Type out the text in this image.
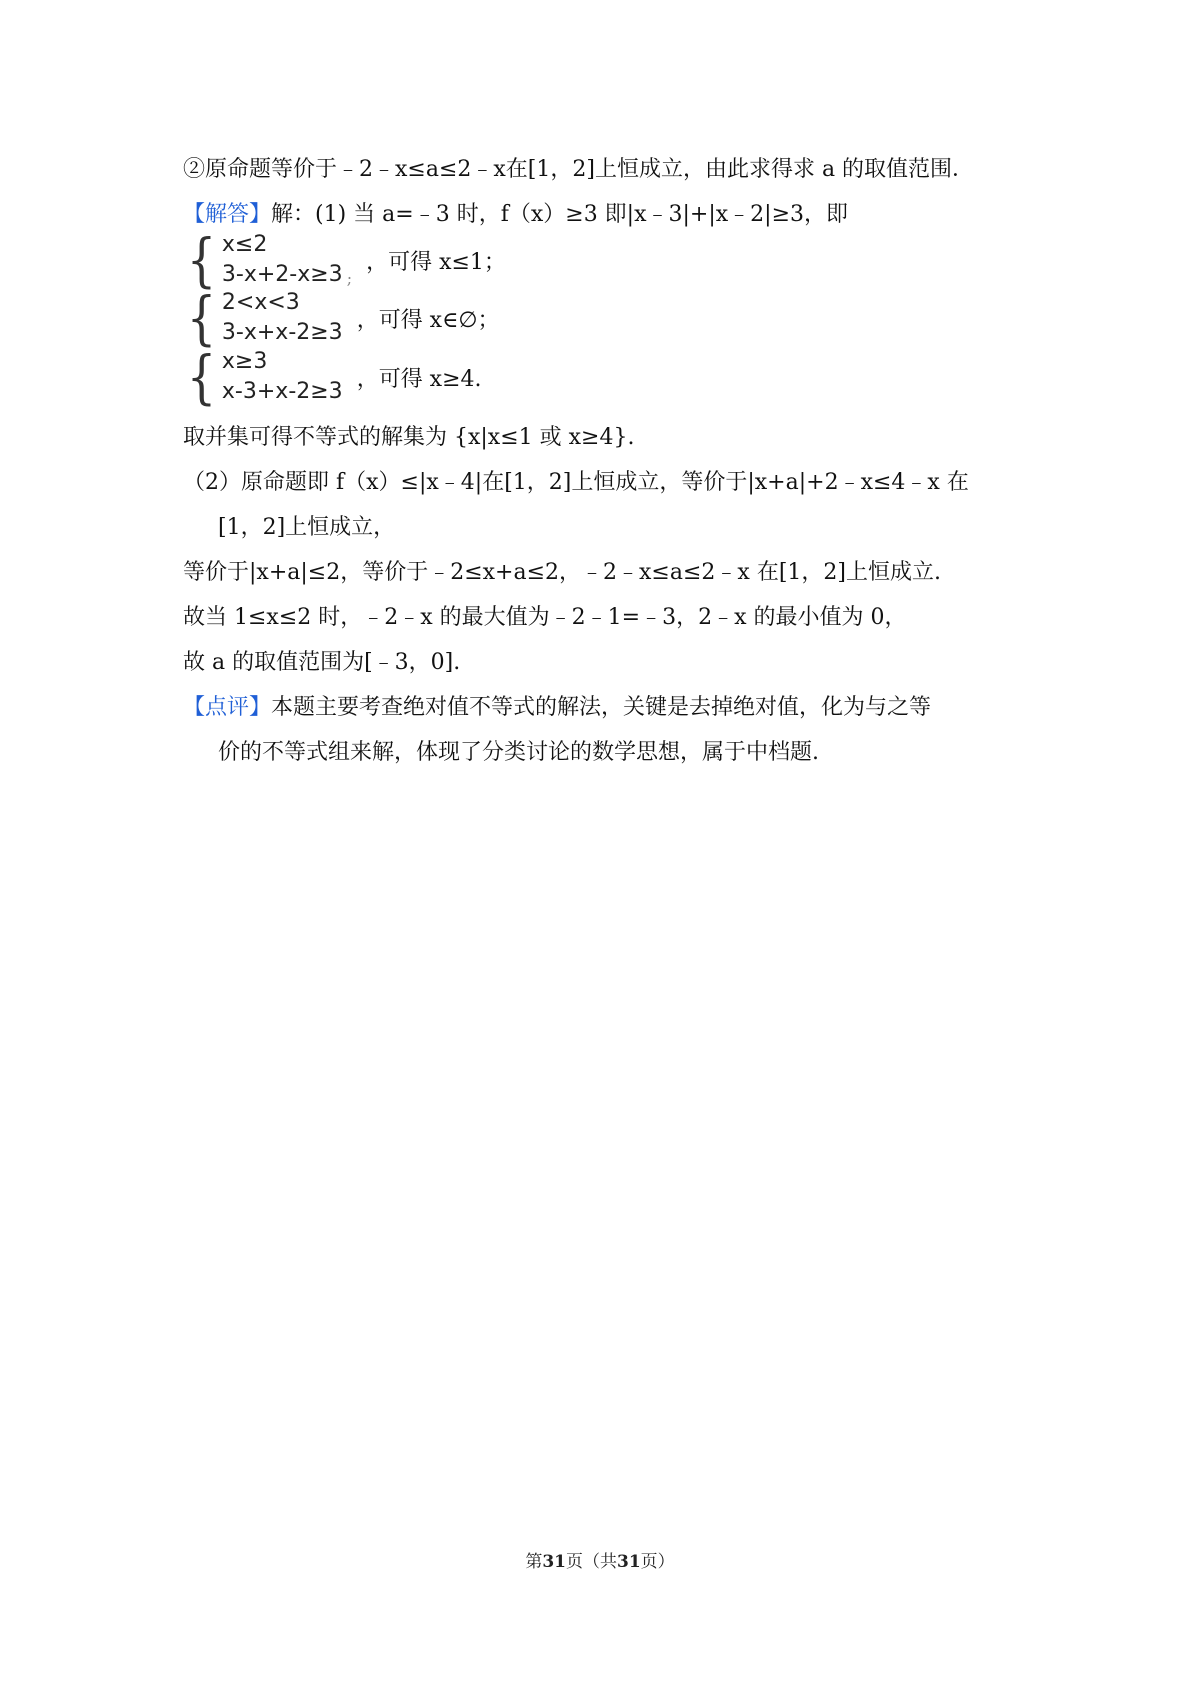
②原命题等价于﹣2﹣x≤a≤2﹣x在[1，2]上恒成立，由此求得求 a 的取值范围．
【解答】解：(1) 当 a=﹣3 时，f（x）≥3 即|x﹣3|+|x﹣2|≥3，即
{ x≤2
3-x+2-x≥3 ;
，可得 x≤1；
{ 2<x<3
3-x+x-2≥3 ，可得 x∈∅；
{ x≥3
x-3+x-2≥3 ，可得 x≥4.
取并集可得不等式的解集为 {x|x≤1 或 x≥4}.
（2）原命题即 f（x）≤|x﹣4|在[1，2]上恒成立，等价于|x+a|+2﹣x≤4﹣x 在
[1，2]上恒成立，
等价于|x+a|≤2，等价于﹣2≤x+a≤2，﹣2﹣x≤a≤2﹣x 在[1，2]上恒成立.
故当 1≤x≤2 时，﹣2﹣x 的最大值为﹣2﹣1=﹣3，2﹣x 的最小值为 0，
故 a 的取值范围为[﹣3，0].
【点评】本题主要考查绝对值不等式的解法，关键是去掉绝对值，化为与之等
价的不等式组来解，体现了分类讨论的数学思想，属于中档题.
第31页（共31页）
